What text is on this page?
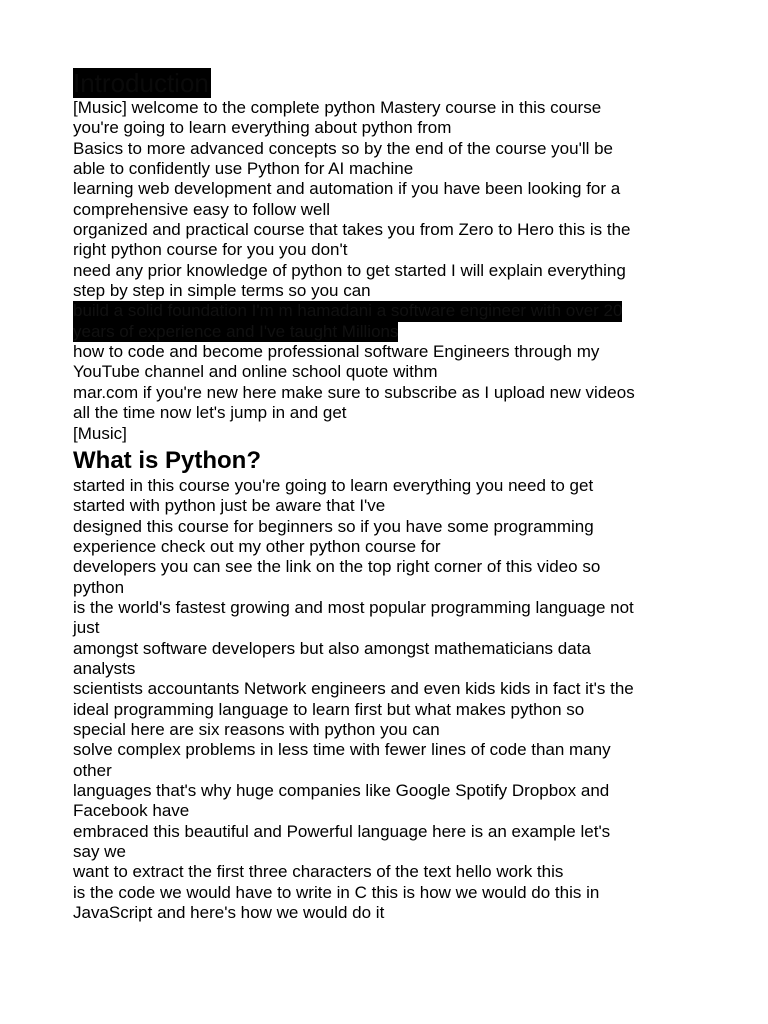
Introduction

[Music] welcome to the complete python Mastery course in this course
you're going to learn everything about python from
Basics to more advanced concepts so by the end of the course you'll be
able to confidently use Python for AI machine
learning web development and automation if you have been looking for a
comprehensive easy to follow well
organized and practical course that takes you from Zero to Hero this is the
right python course for you you don't
need any prior knowledge of python to get started I will explain everything
step by step in simple terms so you can

build a solid foundation I'm m hamadani a software engineer with over 20
years of experience and I've taught Millions

how to code and become professional software Engineers through my
YouTube channel and online school quote withm
mar.com if you're new here make sure to subscribe as I upload new videos
all the time now let's jump in and get
[Music]

What is Python?

started in this course you're going to learn everything you need to get
started with python just be aware that I've
designed this course for beginners so if you have some programming
experience check out my other python course for
developers you can see the link on the top right corner of this video so
python
is the world's fastest growing and most popular programming language not
just
amongst software developers but also amongst mathematicians data
analysts
scientists accountants Network engineers and even kids kids in fact it's the
ideal programming language to learn first but what makes python so
special here are six reasons with python you can
solve complex problems in less time with fewer lines of code than many
other
languages that's why huge companies like Google Spotify Dropbox and
Facebook have
embraced this beautiful and Powerful language here is an example let's
say we
want to extract the first three characters of the text hello work this
is the code we would have to write in C this is how we would do this in
JavaScript and here's how we would do it
